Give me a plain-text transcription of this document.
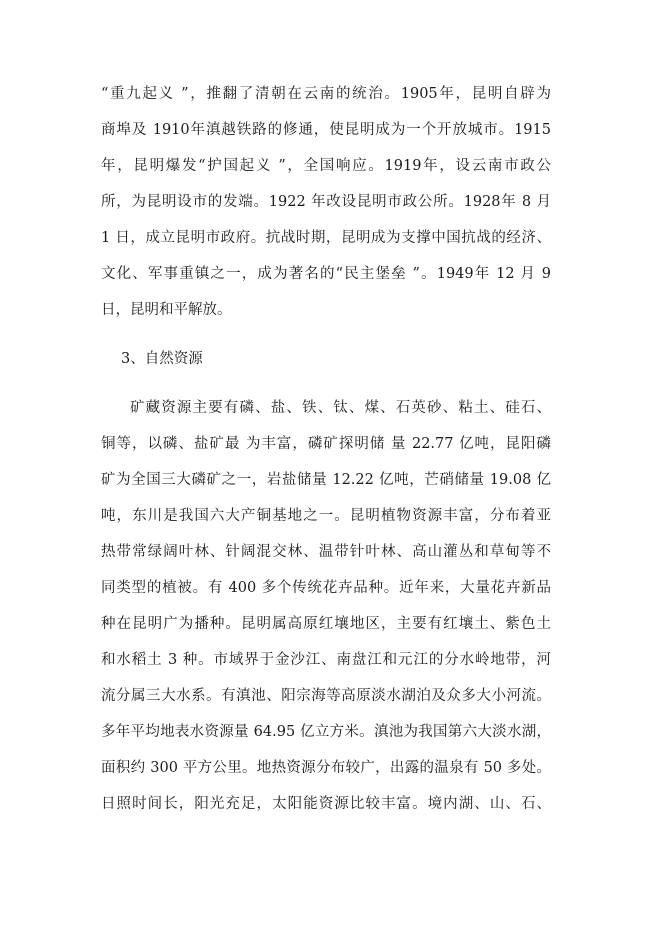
“重九起义 ”，推翻了清朝在云南的统治。1905年，昆明自辟为
商埠及 1910年滇越铁路的修通，使昆明成为一个开放城市。1915
年，昆明爆发“护国起义 ”，全国响应。1919年，设云南市政公
所，为昆明设市的发端。1922 年改设昆明市政公所。1928年 8 月
1 日，成立昆明市政府。抗战时期，昆明成为支撑中国抗战的经济、
文化、军事重镇之一，成为著名的“民主堡垒 ”。1949年 12 月 9
日，昆明和平解放。
3、自然资源
矿藏资源主要有磷、盐、铁、钛、煤、石英砂、粘土、硅石、
铜等，以磷、盐矿最 为丰富，磷矿探明储 量 22.77 亿吨，昆阳磷
矿为全国三大磷矿之一，岩盐储量 12.22 亿吨，芒硝储量 19.08 亿
吨，东川是我国六大产铜基地之一。昆明植物资源丰富，分布着亚
热带常绿阔叶林、针阔混交林、温带针叶林、高山灌丛和草甸等不
同类型的植被。有 400 多个传统花卉品种。近年来，大量花卉新品
种在昆明广为播种。昆明属高原红壤地区，主要有红壤土、紫色土
和水稻土 3 种。市域界于金沙江、南盘江和元江的分水岭地带，河
流分属三大水系。有滇池、阳宗海等高原淡水湖泊及众多大小河流。
多年平均地表水资源量 64.95 亿立方米。滇池为我国第六大淡水湖，
面积约 300 平方公里。地热资源分布较广，出露的温泉有 50 多处。
日照时间长，阳光充足，太阳能资源比较丰富。境内湖、山、石、
